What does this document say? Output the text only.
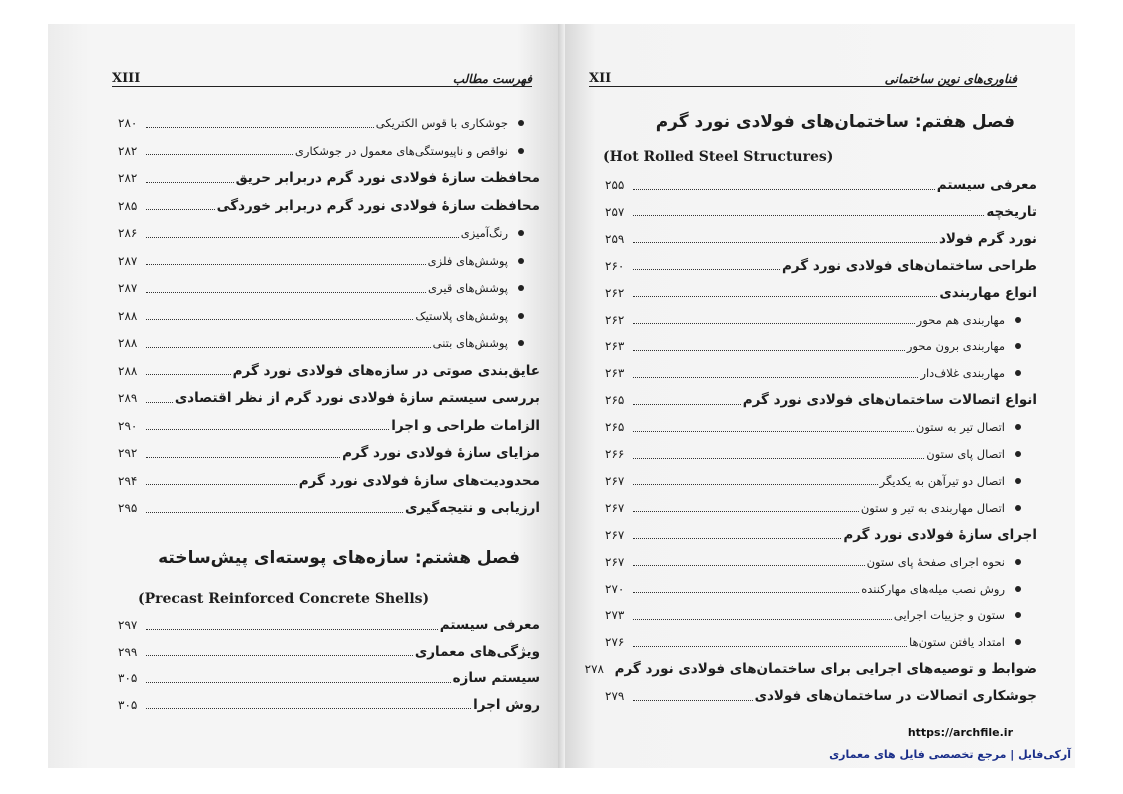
XIII	فهرست مطالب
جوشکاری با قوس الکتریکی
۲۸۰
نواقص و ناپیوستگی‌های معمول در جوشکاری
۲۸۲
محافظت سازهٔ فولادی نورد گرم دربرابر حریق
۲۸۲
محافظت سازهٔ فولادی نورد گرم دربرابر خوردگی
۲۸۵
رنگ‌آمیزی
۲۸۶
پوشش‌های فلزی
۲۸۷
پوشش‌های قیری
۲۸۷
پوشش‌های پلاستیک
۲۸۸
پوشش‌های بتنی
۲۸۸
عایق‌بندی صوتی در سازه‌های فولادی نورد گرم
۲۸۸
بررسی سیستم سازهٔ فولادی نورد گرم از نظر اقتصادی
۲۸۹
الزامات طراحی و اجرا
۲۹۰
مزایای سازهٔ فولادی نورد گرم
۲۹۲
محدودیت‌های سازهٔ فولادی نورد گرم
۲۹۴
ارزیابی و نتیجه‌گیری
۲۹۵
فصل هشتم: سازه‌های پوسته‌ای پیش‌ساخته
(Precast Reinforced Concrete Shells)
معرفی سیستم
۲۹۷
ویژگی‌های معماری
۲۹۹
سیستم سازه
۳۰۵
روش اجرا
۳۰۵
XII	فناوری‌های نوین ساختمانی
فصل هفتم: ساختمان‌های فولادی نورد گرم
(Hot Rolled Steel Structures)
معرفی سیستم
۲۵۵
تاریخچه
۲۵۷
نورد گرم فولاد
۲۵۹
طراحی ساختمان‌های فولادی نورد گرم
۲۶۰
انواع مهاربندی
۲۶۲
مهاربندی هم محور
۲۶۲
مهاربندی برون محور
۲۶۳
مهاربندی غلاف‌دار
۲۶۳
انواع اتصالات ساختمان‌های فولادی نورد گرم
۲۶۵
اتصال تیر به ستون
۲۶۵
اتصال پای ستون
۲۶۶
اتصال دو تیرآهن به یکدیگر
۲۶۷
اتصال مهاربندی به تیر و ستون
۲۶۷
اجرای سازهٔ فولادی نورد گرم
۲۶۷
نحوه اجرای صفحهٔ پای ستون
۲۶۷
روش نصب میله‌های مهارکننده
۲۷۰
ستون و جزییات اجرایی
۲۷۳
امتداد یافتن ستون‌ها
۲۷۶
ضوابط و توصیه‌های اجرایی برای ساختمان‌های فولادی نورد گرم
۲۷۸
جوشکاری اتصالات در ساختمان‌های فولادی
۲۷۹
https://archfile.ir
آرکی‌فایل | مرجع تخصصی فایل های معماری
